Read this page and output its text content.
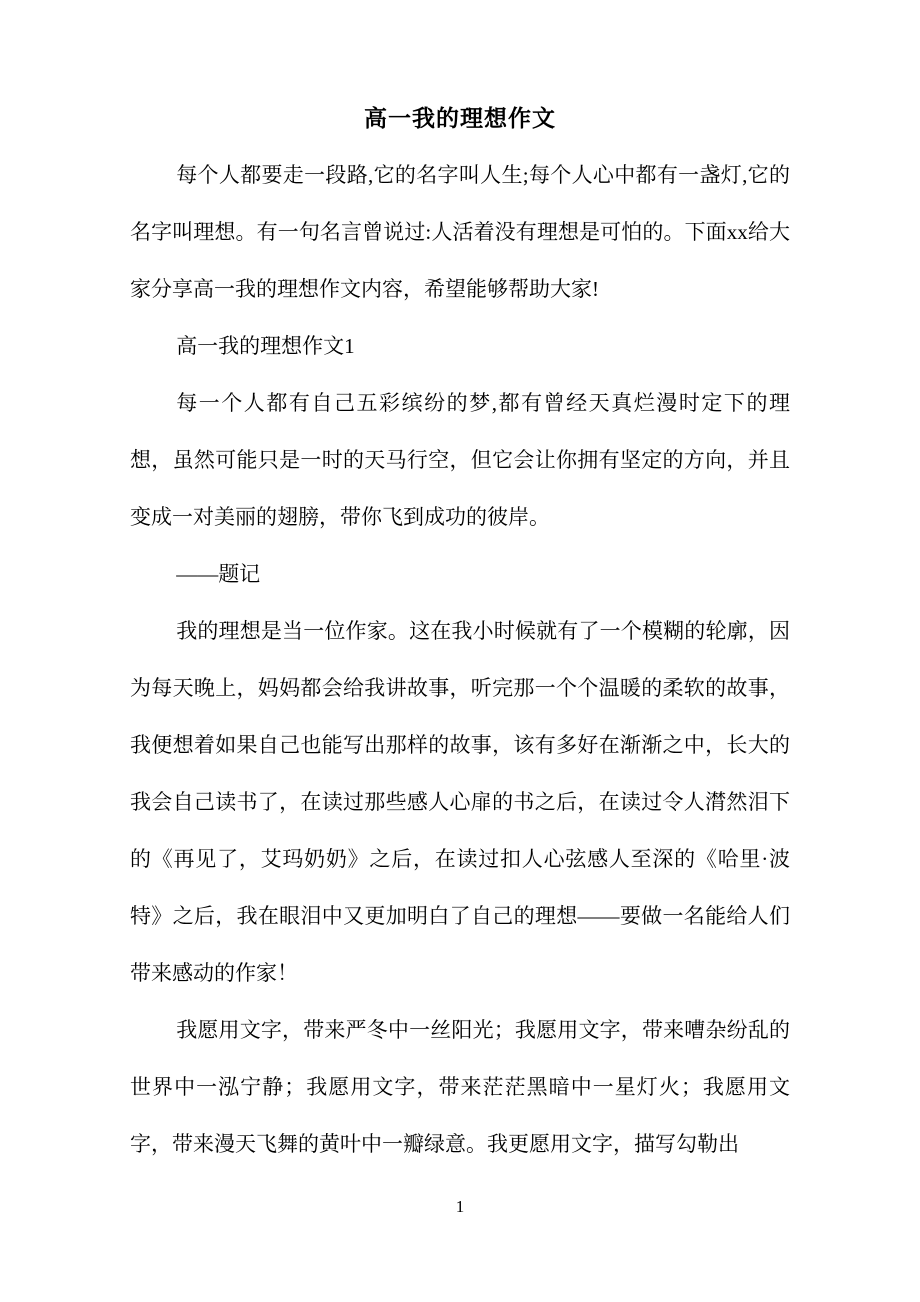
高一我的理想作文

每个人都要走一段路,它的名字叫人生;每个人心中都有一盏灯,它的名字叫理想。有一句名言曾说过:人活着没有理想是可怕的。下面xx给大家分享高一我的理想作文内容，希望能够帮助大家!

高一我的理想作文1

每一个人都有自己五彩缤纷的梦,都有曾经天真烂漫时定下的理想，虽然可能只是一时的天马行空，但它会让你拥有坚定的方向，并且变成一对美丽的翅膀，带你飞到成功的彼岸。

——题记

我的理想是当一位作家。这在我小时候就有了一个模糊的轮廓，因为每天晚上，妈妈都会给我讲故事，听完那一个个温暖的柔软的故事，我便想着如果自己也能写出那样的故事，该有多好在渐渐之中，长大的我会自己读书了，在读过那些感人心扉的书之后，在读过令人潸然泪下的《再见了，艾玛奶奶》之后，在读过扣人心弦感人至深的《哈里·波特》之后，我在眼泪中又更加明白了自己的理想——要做一名能给人们带来感动的作家！

我愿用文字，带来严冬中一丝阳光；我愿用文字，带来嘈杂纷乱的世界中一泓宁静；我愿用文字，带来茫茫黑暗中一星灯火；我愿用文字，带来漫天飞舞的黄叶中一瓣绿意。我更愿用文字，描写勾勒出

1
